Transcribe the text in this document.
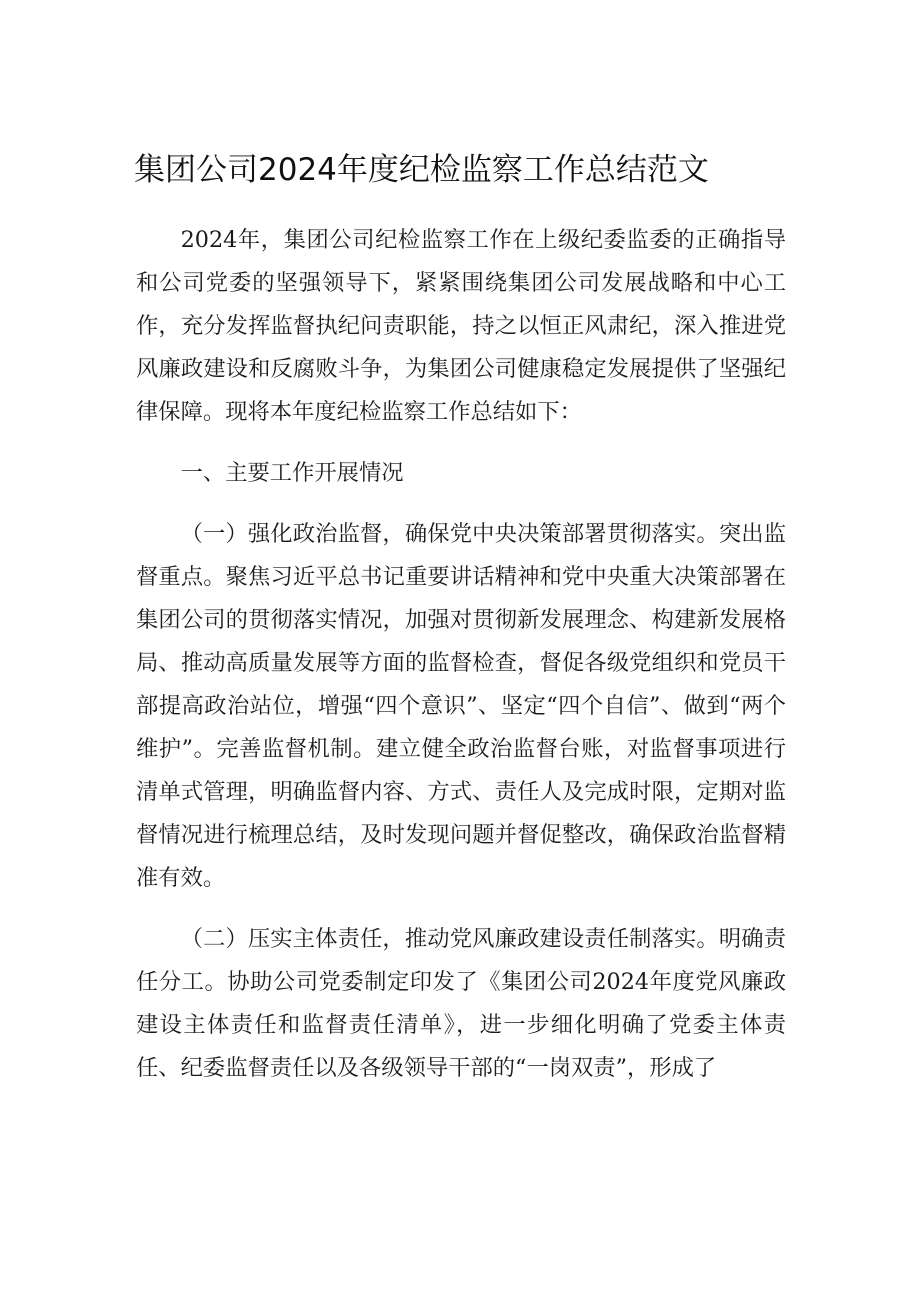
集团公司2024年度纪检监察工作总结范文

2024年，集团公司纪检监察工作在上级纪委监委的正确指导和公司党委的坚强领导下，紧紧围绕集团公司发展战略和中心工作，充分发挥监督执纪问责职能，持之以恒正风肃纪，深入推进党风廉政建设和反腐败斗争，为集团公司健康稳定发展提供了坚强纪律保障。现将本年度纪检监察工作总结如下：

一、主要工作开展情况

（一）强化政治监督，确保党中央决策部署贯彻落实。突出监督重点。聚焦习近平总书记重要讲话精神和党中央重大决策部署在集团公司的贯彻落实情况，加强对贯彻新发展理念、构建新发展格局、推动高质量发展等方面的监督检查，督促各级党组织和党员干部提高政治站位，增强“四个意识”、坚定“四个自信”、做到“两个维护”。完善监督机制。建立健全政治监督台账，对监督事项进行清单式管理，明确监督内容、方式、责任人及完成时限，定期对监督情况进行梳理总结，及时发现问题并督促整改，确保政治监督精准有效。

（二）压实主体责任，推动党风廉政建设责任制落实。明确责任分工。协助公司党委制定印发了《集团公司2024年度党风廉政建设主体责任和监督责任清单》，进一步细化明确了党委主体责任、纪委监督责任以及各级领导干部的“一岗双责”，形成了
